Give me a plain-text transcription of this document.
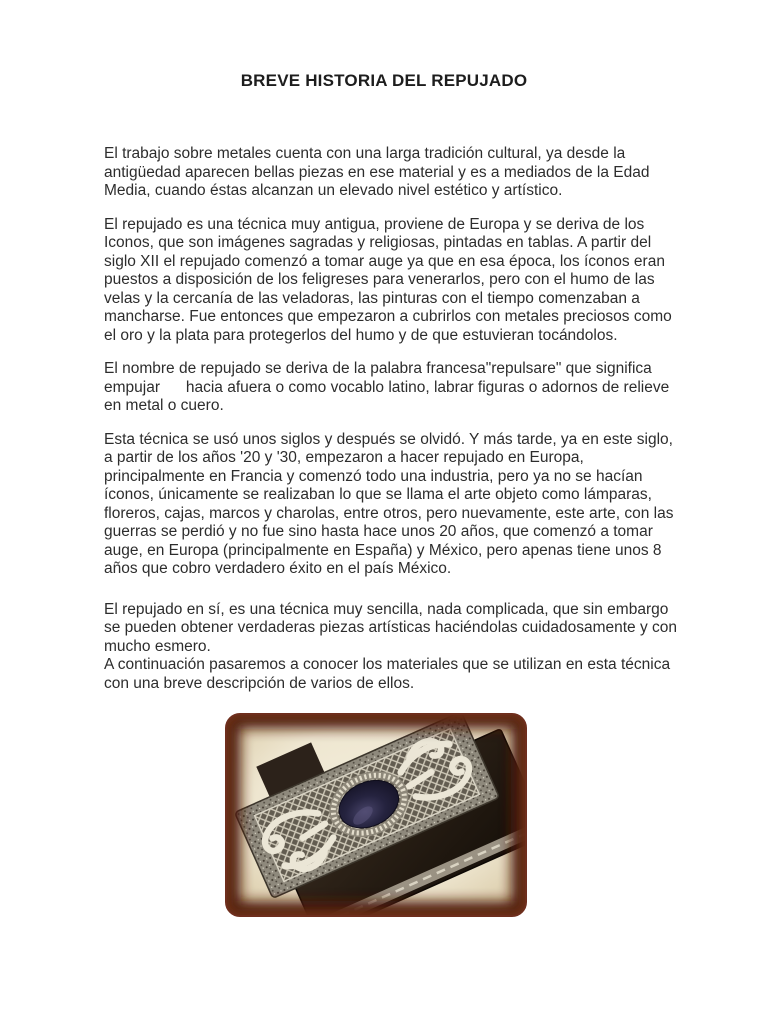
BREVE HISTORIA DEL REPUJADO

El trabajo sobre metales cuenta con una larga tradición cultural, ya desde la antigüedad aparecen bellas piezas en ese material y es a mediados de la Edad Media, cuando éstas alcanzan un elevado nivel estético y artístico.

El repujado es una técnica muy antigua, proviene de Europa y se deriva de los Iconos, que son imágenes sagradas y religiosas, pintadas en tablas. A partir del siglo XII el repujado comenzó a tomar auge ya que en esa época, los íconos eran puestos a disposición de los feligreses para venerarlos, pero con el humo de las velas y la cercanía de las veladoras, las pinturas con el tiempo comenzaban a mancharse. Fue entonces que empezaron a cubrirlos con metales preciosos como el oro y la plata para protegerlos del humo y de que estuvieran tocándolos.

El nombre de repujado se deriva de la palabra francesa"repulsare" que significa empujar      hacia afuera o como vocablo latino, labrar figuras o adornos de relieve en metal o cuero.

Esta técnica se usó unos siglos y después se olvidó. Y más tarde, ya en este siglo, a partir de los años '20 y '30, empezaron a hacer repujado en Europa, principalmente en Francia y comenzó todo una industria, pero ya no se hacían íconos, únicamente se realizaban lo que se llama el arte objeto como lámparas, floreros, cajas, marcos y charolas, entre otros, pero nuevamente, este arte, con las guerras se perdió y no fue sino hasta hace unos 20 años, que comenzó a tomar auge, en Europa (principalmente en España) y México, pero apenas tiene unos 8 años que cobro verdadero éxito en el país México.

El repujado en sí, es una técnica muy sencilla, nada complicada, que sin embargo se pueden obtener verdaderas piezas artísticas haciéndolas cuidadosamente y con mucho esmero.

A continuación pasaremos a conocer los materiales que se utilizan en esta técnica con una breve descripción de varios de ellos.
